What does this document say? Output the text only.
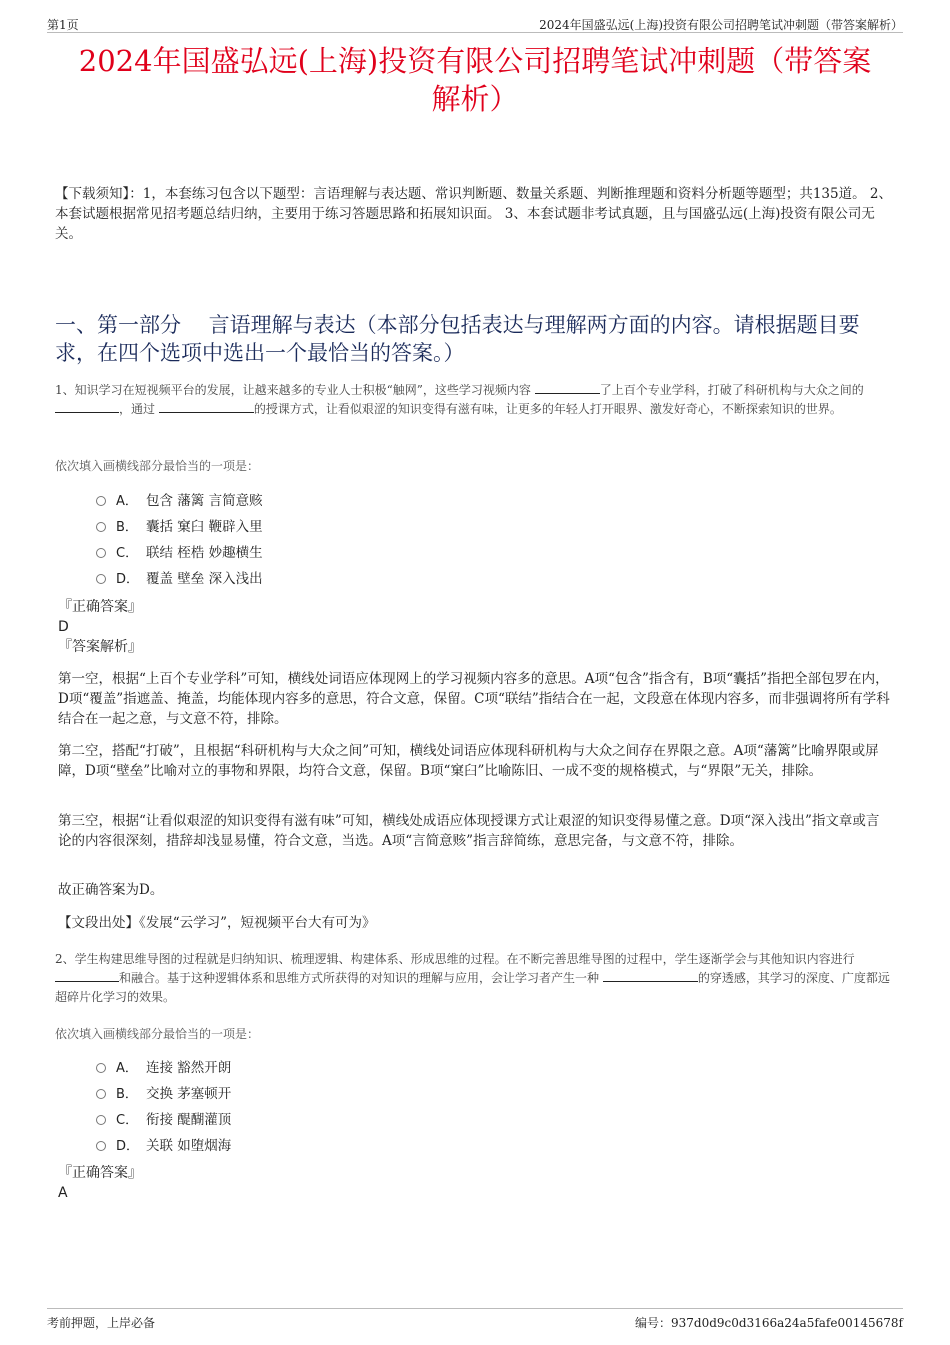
第1页	2024年国盛弘远(上海)投资有限公司招聘笔试冲刺题（带答案解析）
2024年国盛弘远(上海)投资有限公司招聘笔试冲刺题（带答案
解析）
【下载须知】：1，本套练习包含以下题型：言语理解与表达题、常识判断题、数量关系题、判断推理题和资料分析题等题型；共135道。 2、本套试题根据常见招考题总结归纳，主要用于练习答题思路和拓展知识面。 3、本套试题非考试真题，且与国盛弘远(上海)投资有限公司无关。
一、第一部分　 言语理解与表达（本部分包括表达与理解两方面的内容。请根据题目要求，在四个选项中选出一个最恰当的答案。）
1、知识学习在短视频平台的发展，让越来越多的专业人士积极“触网”，这些学习视频内容	了上百个专业学科，打破了科研机构与大众之间的 ，通过	的授课方式，让看似艰涩的知识变得有滋有味，让更多的年轻人打开眼界、激发好奇心，不断探索知识的世界。
依次填入画横线部分最恰当的一项是：
A． 包含 藩篱 言简意赅
B． 囊括 窠臼 鞭辟入里
C． 联结 桎梏 妙趣横生
D． 覆盖 壁垒 深入浅出
『正确答案』
D
『答案解析』
第一空，根据“上百个专业学科”可知，横线处词语应体现网上的学习视频内容多的意思。A项“包含”指含有，B项“囊括”指把全部包罗在内，D项“覆盖”指遮盖、掩盖，均能体现内容多的意思，符合文意，保留。C项“联结”指结合在一起，文段意在体现内容多，而非强调将所有学科结合在一起之意，与文意不符，排除。
第二空，搭配“打破”，且根据“科研机构与大众之间”可知，横线处词语应体现科研机构与大众之间存在界限之意。A项“藩篱”比喻界限或屏障，D项“壁垒”比喻对立的事物和界限，均符合文意，保留。B项“窠臼”比喻陈旧、一成不变的规格模式，与“界限”无关，排除。
第三空，根据“让看似艰涩的知识变得有滋有味”可知，横线处成语应体现授课方式让艰涩的知识变得易懂之意。D项“深入浅出”指文章或言论的内容很深刻，措辞却浅显易懂，符合文意，当选。A项“言简意赅”指言辞简练，意思完备，与文意不符，排除。
故正确答案为D。
【文段出处】《发展“云学习”，短视频平台大有可为》
2、学生构建思维导图的过程就是归纳知识、梳理逻辑、构建体系、形成思维的过程。在不断完善思维导图的过程中，学生逐渐学会与其他知识内容进行 和融合。基于这种逻辑体系和思维方式所获得的对知识的理解与应用，会让学习者产生一种	的穿透感，其学习的深度、广度都远超碎片化学习的效果。
依次填入画横线部分最恰当的一项是：
A． 连接 豁然开朗
B． 交换 茅塞顿开
C． 衔接 醍醐灌顶
D． 关联 如堕烟海
『正确答案』
A
考前押题，上岸必备	编号：937d0d9c0d3166a24a5fafe00145678f
